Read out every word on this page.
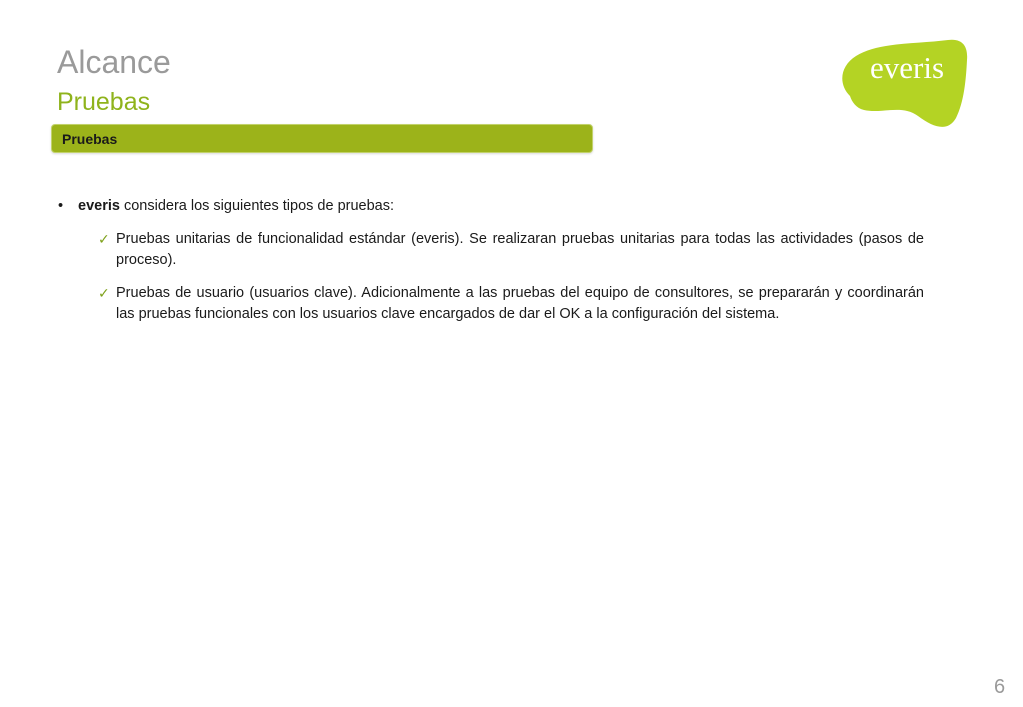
Alcance
Pruebas
everis
Pruebas
• everis considera los siguientes tipos de pruebas:
✓ Pruebas unitarias de funcionalidad estándar (everis). Se realizaran pruebas unitarias para todas las actividades (pasos de proceso).
✓ Pruebas de usuario (usuarios clave). Adicionalmente a las pruebas del equipo de consultores, se prepararán y coordinarán las pruebas funcionales con los usuarios clave encargados de dar el OK a la configuración del sistema.
6
